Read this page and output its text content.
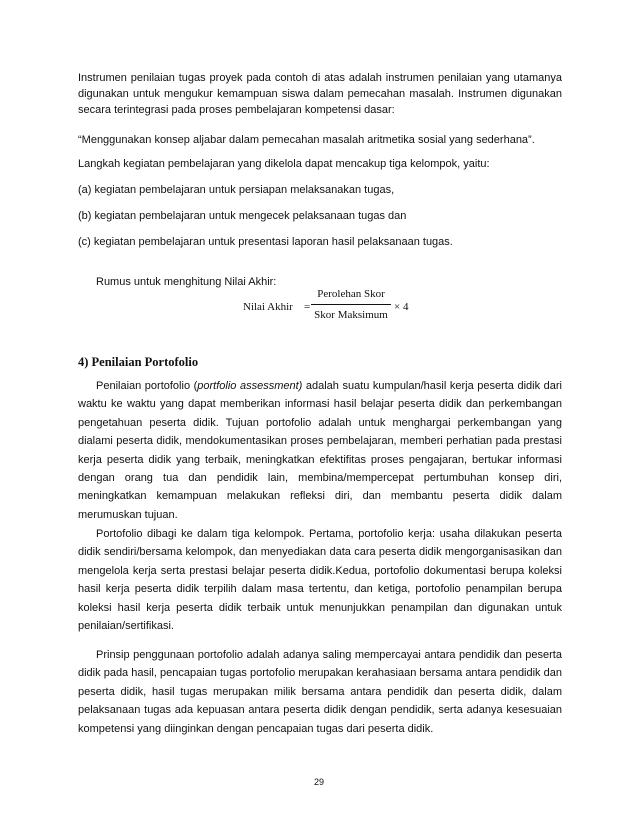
Instrumen penilaian tugas proyek pada contoh di atas adalah instrumen penilaian yang utamanya digunakan untuk mengukur kemampuan siswa dalam pemecahan masalah. Instrumen digunakan secara terintegrasi pada proses pembelajaran kompetensi dasar:
“Menggunakan konsep aljabar dalam pemecahan masalah aritmetika sosial yang sederhana”.
Langkah kegiatan pembelajaran yang dikelola dapat mencakup tiga kelompok, yaitu:
(a) kegiatan pembelajaran untuk persiapan melaksanakan tugas,
(b) kegiatan pembelajaran untuk mengecek pelaksanaan tugas dan
(c) kegiatan pembelajaran untuk presentasi laporan hasil pelaksanaan tugas.
Rumus untuk menghitung Nilai Akhir:
Nilai Akhir =
Perolehan Skor
Skor Maksimum
× 4
4) Penilaian Portofolio
Penilaian portofolio (portfolio assessment) adalah suatu kumpulan/hasil kerja peserta didik dari waktu ke waktu yang dapat memberikan informasi hasil belajar peserta didik dan perkembangan pengetahuan peserta didik. Tujuan portofolio adalah untuk menghargai perkembangan yang dialami peserta didik, mendokumentasikan proses pembelajaran, memberi perhatian pada prestasi kerja peserta didik yang terbaik, meningkatkan efektifitas proses pengajaran, bertukar informasi dengan orang tua dan pendidik lain, membina/mempercepat pertumbuhan konsep diri, meningkatkan kemampuan melakukan refleksi diri, dan membantu peserta didik dalam merumuskan tujuan.
Portofolio dibagi ke dalam tiga kelompok. Pertama, portofolio kerja: usaha dilakukan peserta didik sendiri/bersama kelompok, dan menyediakan data cara peserta didik mengorganisasikan dan mengelola kerja serta prestasi belajar peserta didik.Kedua, portofolio dokumentasi berupa koleksi hasil kerja peserta didik terpilih dalam masa tertentu, dan ketiga, portofolio penampilan berupa koleksi hasil kerja peserta didik terbaik untuk menunjukkan penampilan dan digunakan untuk penilaian/sertifikasi.
Prinsip penggunaan portofolio adalah adanya saling mempercayai antara pendidik dan peserta didik pada hasil, pencapaian tugas portofolio merupakan kerahasiaan bersama antara pendidik dan peserta didik, hasil tugas merupakan milik bersama antara pendidik dan peserta didik, dalam pelaksanaan tugas ada kepuasan antara peserta didik dengan pendidik, serta adanya kesesuaian kompetensi yang diinginkan dengan pencapaian tugas dari peserta didik.
29
